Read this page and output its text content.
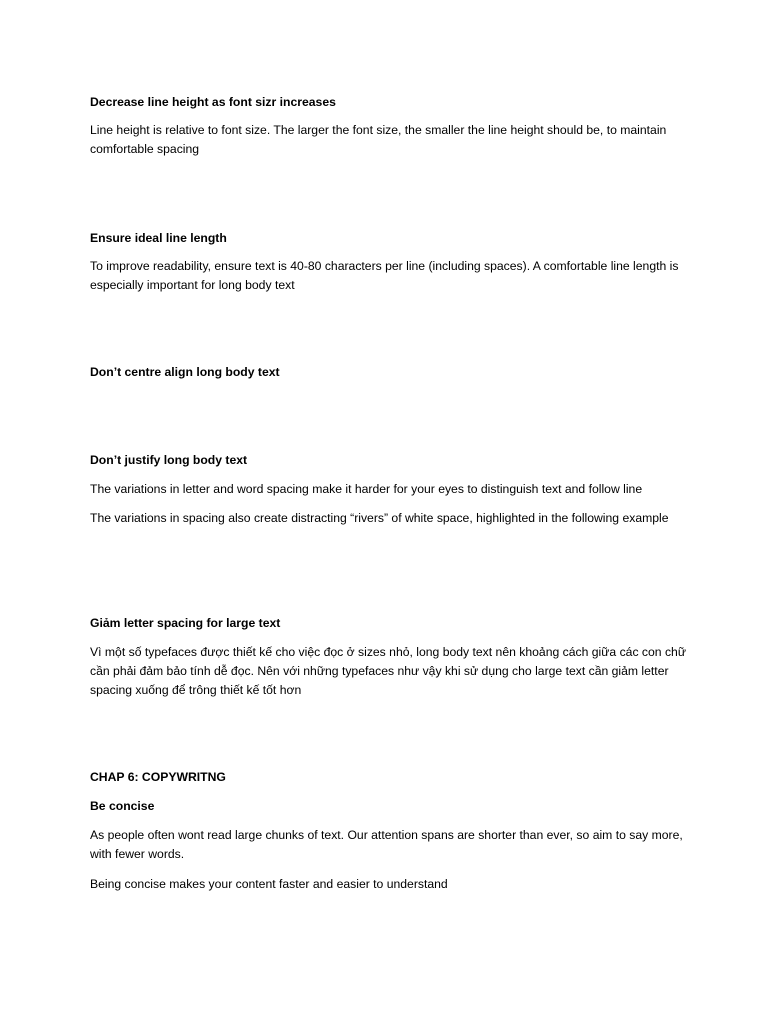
Decrease line height as font sizr increases

Line height is relative to font size. The larger the font size, the smaller the line height should be, to maintain comfortable spacing

Ensure ideal line length

To improve readability, ensure text is 40-80 characters per line (including spaces). A comfortable line length is especially important for long body text

Don’t centre align long body text

Don’t justify long body text

The variations in letter and word spacing make it harder for your eyes to distinguish text and follow line

The variations in spacing also create distracting “rivers” of white space, highlighted in the following example

Giảm letter spacing for large text

Vì một số typefaces được thiết kế cho việc đọc ở sizes nhỏ, long body text nên khoảng cách giữa các con chữ cần phải đảm bảo tính dễ đọc. Nên với những typefaces như vậy khi sử dụng cho large text cần giảm letter spacing xuống để trông thiết kế tốt hơn

CHAP 6: COPYWRITNG

Be concise

As people often wont read large chunks of text. Our attention spans are shorter than ever, so aim to say more, with fewer words.

Being concise makes your content faster and easier to understand
